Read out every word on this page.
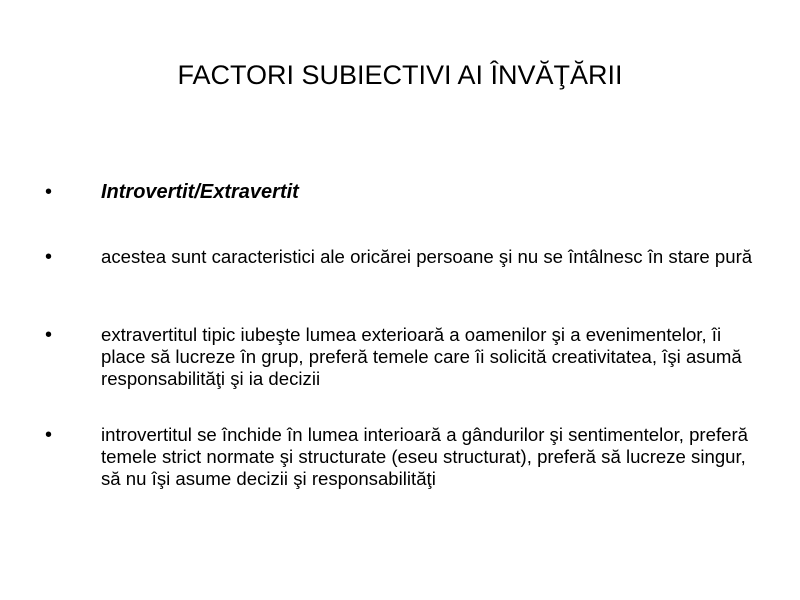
FACTORI SUBIECTIVI AI ÎNVĂŢĂRII
• Introvertit/Extravertit
•	acestea sunt caracteristici ale oricărei persoane şi nu se întâlnesc în stare pură
•	extravertitul tipic iubeşte lumea exterioară a oamenilor şi a evenimentelor, îi place să lucreze în grup, preferă temele care îi solicită creativitatea, îşi asumă responsabilităţi şi ia decizii
•	introvertitul se închide în lumea interioară a gândurilor şi sentimentelor, preferă temele strict normate şi structurate (eseu structurat), preferă să lucreze singur, să nu îşi asume decizii şi responsabilităţi
